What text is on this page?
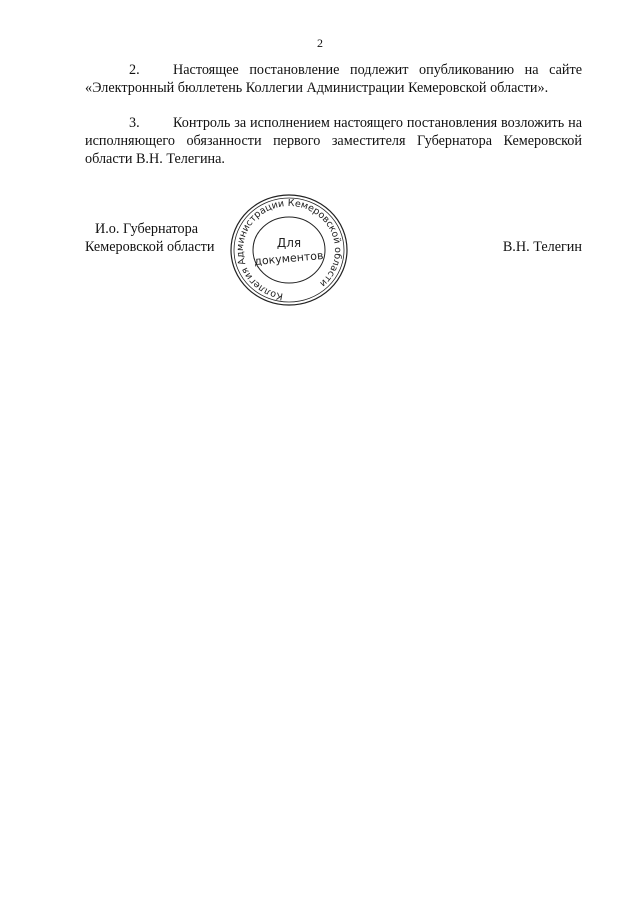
2

2. Настоящее постановление подлежит опубликованию на сайте «Электронный бюллетень Коллегии Администрации Кемеровской области».

3. Контроль за исполнением настоящего постановления возложить на исполняющего обязанности первого заместителя Губернатора Кемеровской области В.Н. Телегина.

И.о. Губернатора
Кемеровской области
Коллегия Администрации Кемеровской области
Для
документов
В.Н. Телегин
